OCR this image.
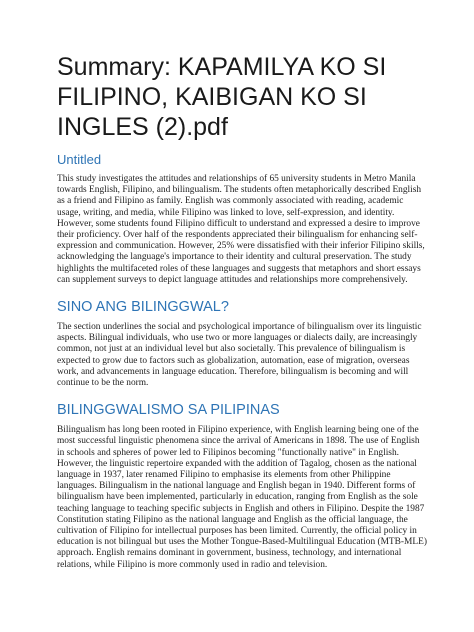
Summary: KAPAMILYA KO SI FILIPINO, KAIBIGAN KO SI INGLES (2).pdf
Untitled

This study investigates the attitudes and relationships of 65 university students in Metro Manila towards English, Filipino, and bilingualism. The students often metaphorically described English as a friend and Filipino as family. English was commonly associated with reading, academic usage, writing, and media, while Filipino was linked to love, self-expression, and identity. However, some students found Filipino difficult to understand and expressed a desire to improve their proficiency. Over half of the respondents appreciated their bilingualism for enhancing self-expression and communication. However, 25% were dissatisfied with their inferior Filipino skills, acknowledging the language's importance to their identity and cultural preservation. The study highlights the multifaceted roles of these languages and suggests that metaphors and short essays can supplement surveys to depict language attitudes and relationships more comprehensively.

SINO ANG BILINGGWAL?

The section underlines the social and psychological importance of bilingualism over its linguistic aspects. Bilingual individuals, who use two or more languages or dialects daily, are increasingly common, not just at an individual level but also societally. This prevalence of bilingualism is expected to grow due to factors such as globalization, automation, ease of migration, overseas work, and advancements in language education. Therefore, bilingualism is becoming and will continue to be the norm.

BILINGGWALISMO SA PILIPINAS

Bilingualism has long been rooted in Filipino experience, with English learning being one of the most successful linguistic phenomena since the arrival of Americans in 1898. The use of English in schools and spheres of power led to Filipinos becoming "functionally native" in English. However, the linguistic repertoire expanded with the addition of Tagalog, chosen as the national language in 1937, later renamed Filipino to emphasise its elements from other Philippine languages. Bilingualism in the national language and English began in 1940. Different forms of bilingualism have been implemented, particularly in education, ranging from English as the sole teaching language to teaching specific subjects in English and others in Filipino. Despite the 1987 Constitution stating Filipino as the national language and English as the official language, the cultivation of Filipino for intellectual purposes has been limited. Currently, the official policy in education is not bilingual but uses the Mother Tongue-Based-Multilingual Education (MTB-MLE) approach. English remains dominant in government, business, technology, and international relations, while Filipino is more commonly used in radio and television.
